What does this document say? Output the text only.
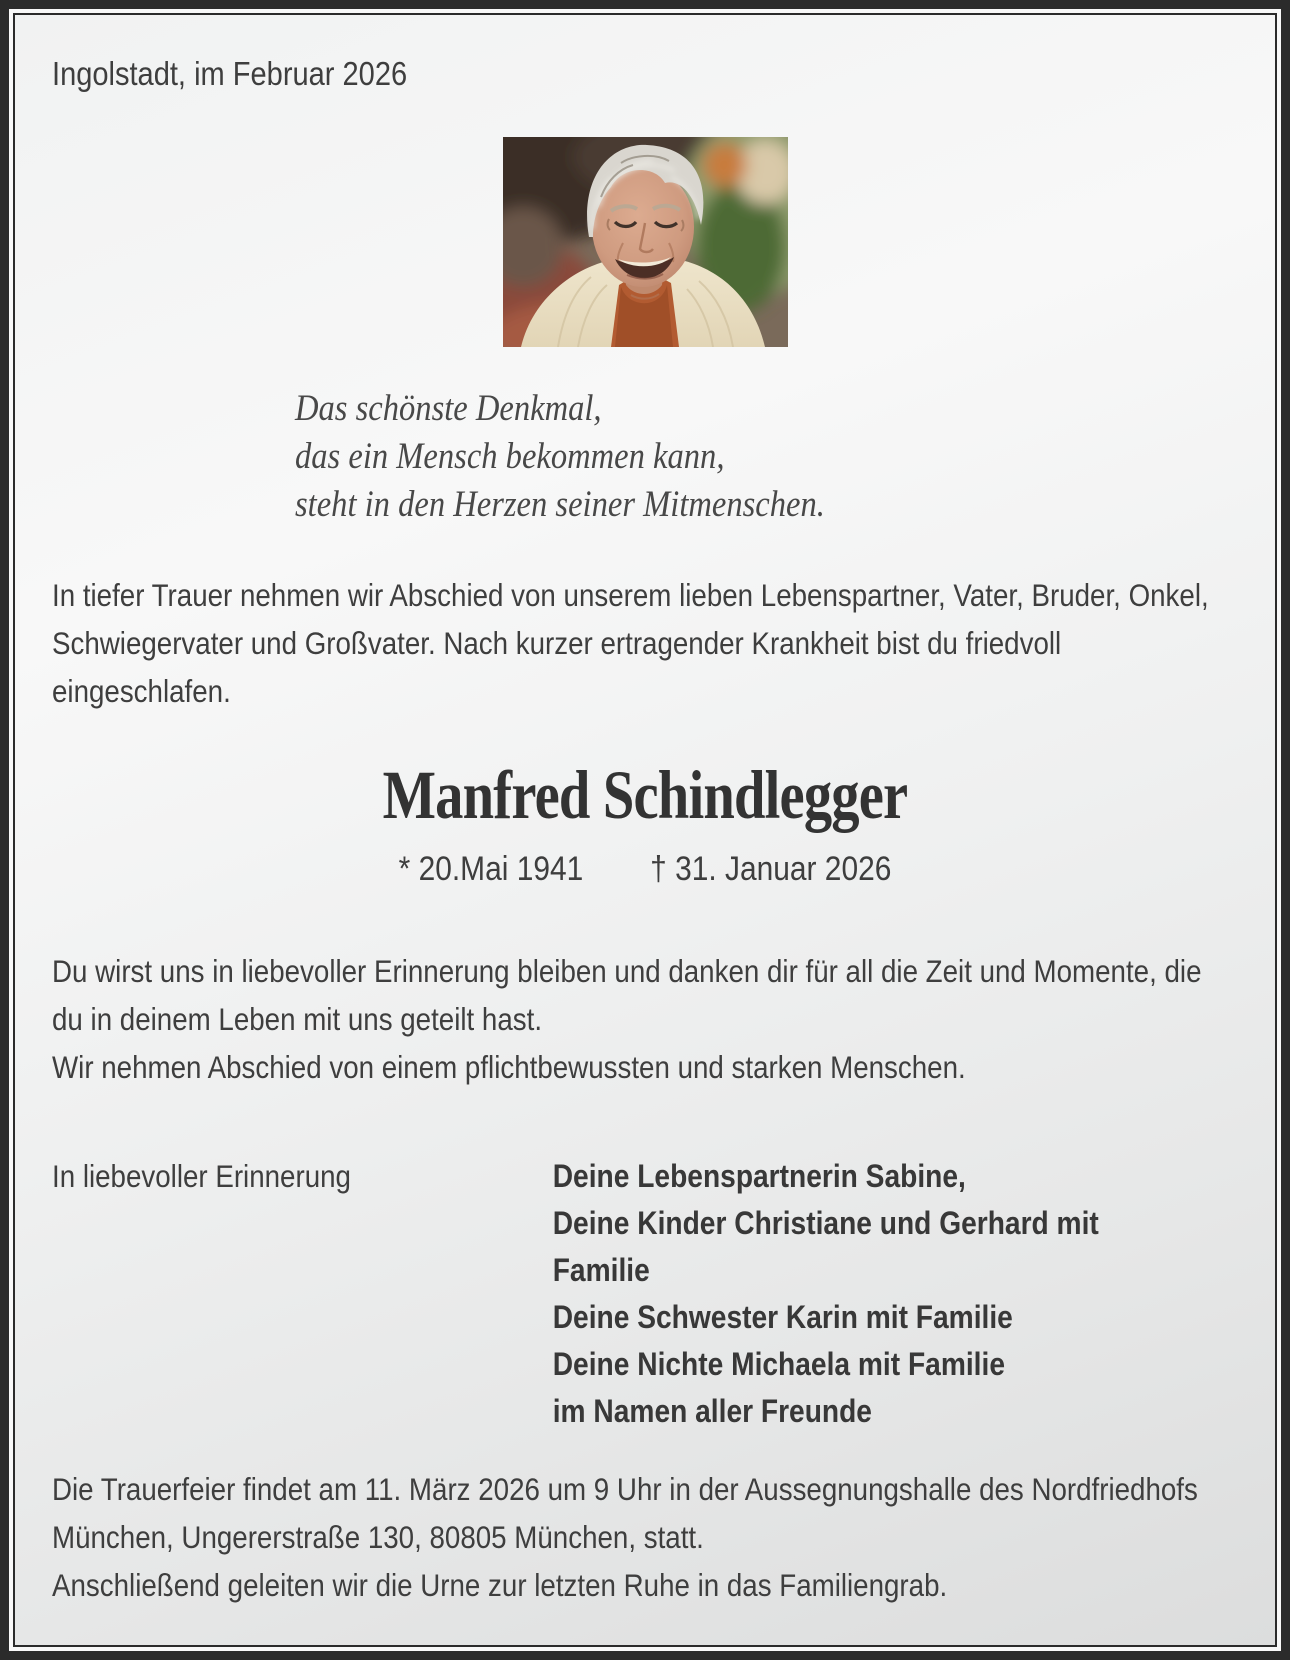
Ingolstadt, im Februar 2026

Das schönste Denkmal,
das ein Mensch bekommen kann,
steht in den Herzen seiner Mitmenschen.

In tiefer Trauer nehmen wir Abschied von unserem lieben Lebenspartner, Vater, Bruder, Onkel, Schwiegervater und Großvater. Nach kurzer ertragender Krankheit bist du friedvoll eingeschlafen.

Manfred Schindlegger
* 20.Mai 1941 † 31. Januar 2026

Du wirst uns in liebevoller Erinnerung bleiben und danken dir für all die Zeit und Momente, die du in deinem Leben mit uns geteilt hast.

Wir nehmen Abschied von einem pflichtbewussten und starken Menschen.

In liebevoller Erinnerung	Deine Lebenspartnerin Sabine,
Deine Kinder Christiane und Gerhard mit Familie
Deine Schwester Karin mit Familie
Deine Nichte Michaela mit Familie
im Namen aller Freunde

Die Trauerfeier findet am 11. März 2026 um 9 Uhr in der Aussegnungshalle des Nordfriedhofs München, Ungererstraße 130, 80805 München, statt.

Anschließend geleiten wir die Urne zur letzten Ruhe in das Familiengrab.
